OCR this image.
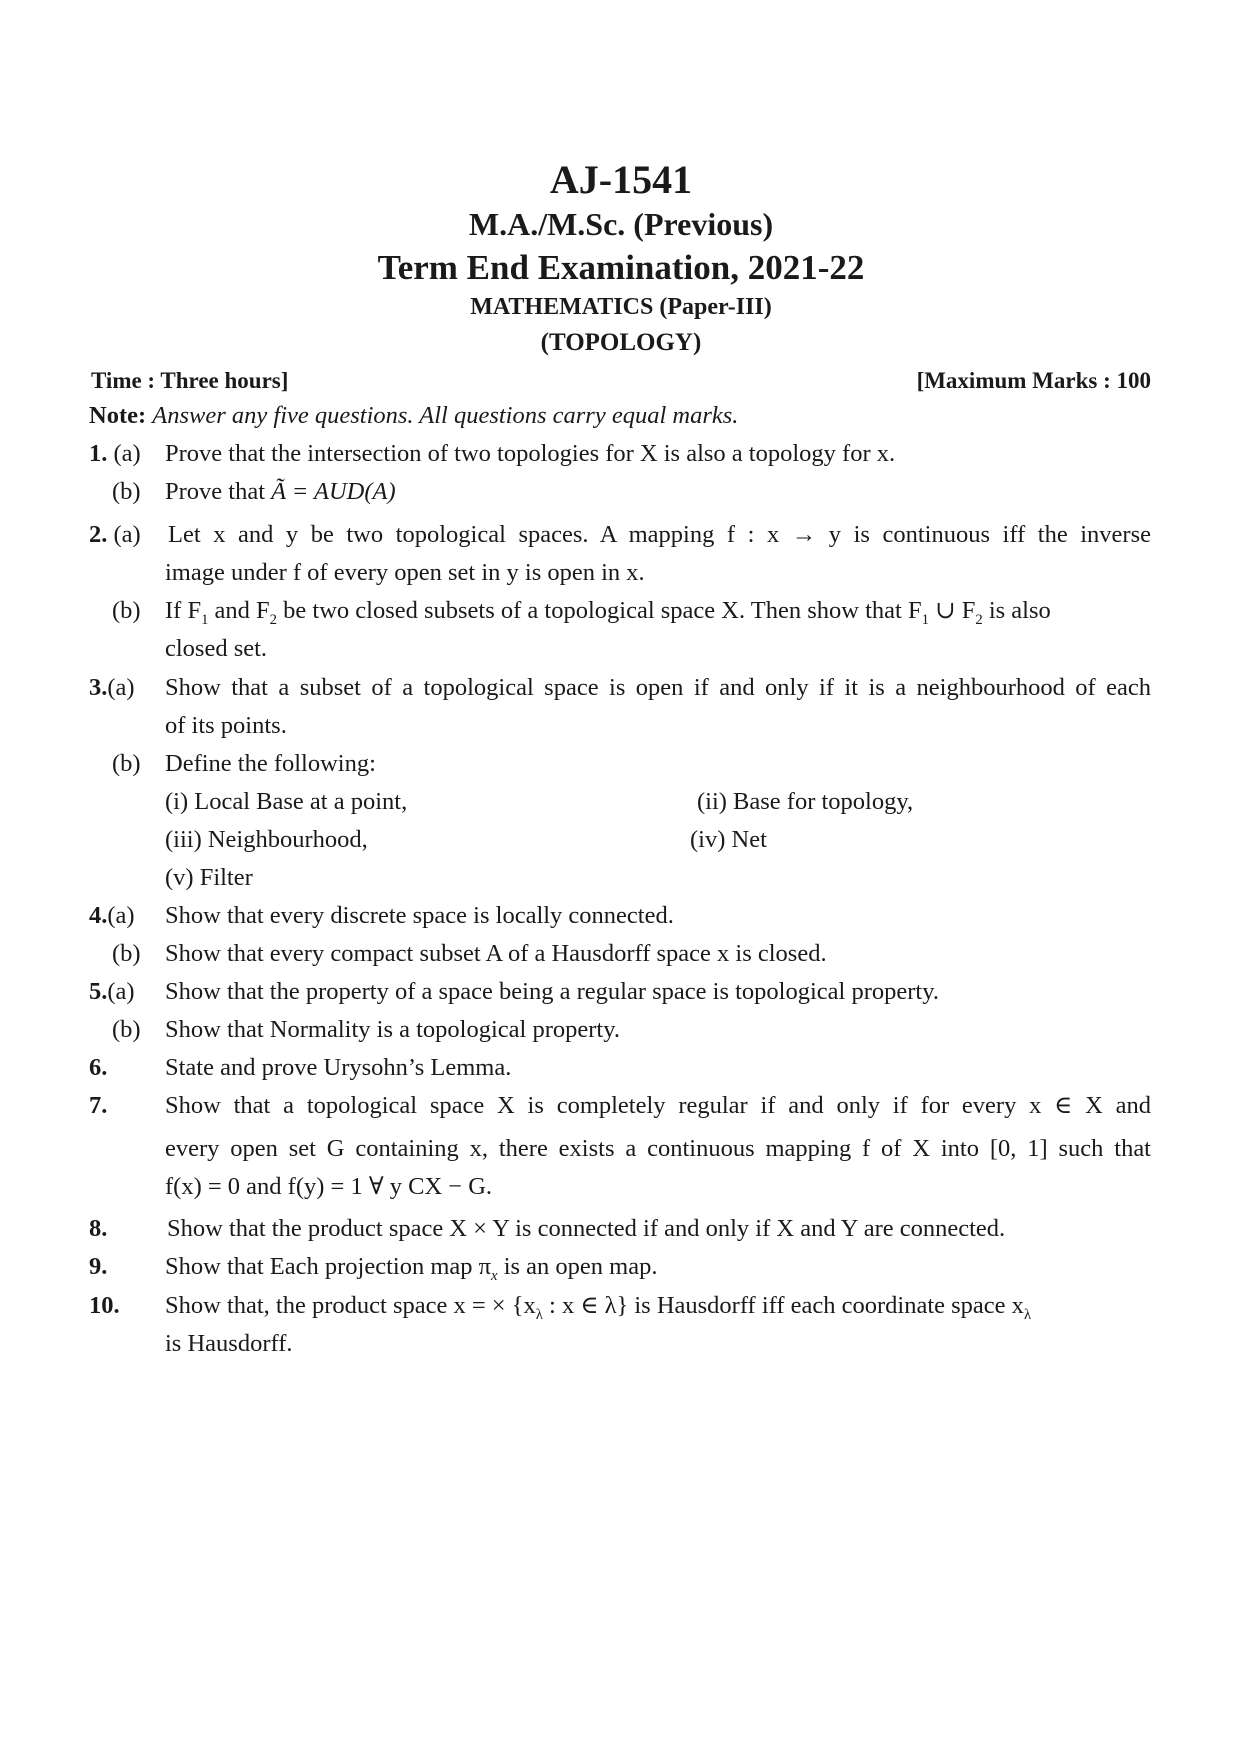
AJ-1541
M.A./M.Sc. (Previous)
Term End Examination, 2021-22
MATHEMATICS (Paper-III)
(TOPOLOGY)
Time : Three hours]	[Maximum Marks : 100
Note: Answer any five questions. All questions carry equal marks.
1. (a) Prove that the intersection of two topologies for X is also a topology for x.
(b) Prove that A͂ = AUD(A)
2. (a) Let x and y be two topological spaces. A mapping f : x → y is continuous iff the inverse
image under f of every open set in y is open in x.
(b) If $F_1$ and $F_2$ be two closed subsets of a topological space X. Then show that $F_1$ ∪ $F_2$ is also
closed set.
3.(a) Show that a subset of a topological space is open if and only if it is a neighbourhood of each
of its points.
(b) Define the following:
(i) Local Base at a point,	(ii) Base for topology,
(iii) Neighbourhood,	(iv) Net
(v) Filter
4.(a) Show that every discrete space is locally connected.
(b) Show that every compact subset A of a Hausdorff space x is closed.
5.(a) Show that the property of a space being a regular space is topological property.
(b) Show that Normality is a topological property.
6. State and prove Urysohn’s Lemma.
7. Show that a topological space X is completely regular if and only if for every x ∈ X and
every open set G containing x, there exists a continuous mapping f of X into [0, 1] such that
f(x) = 0 and f(y) = 1 ∀ y CX − G.
8. Show that the product space X × Y is connected if and only if X and Y are connected.
9. Show that Each projection map $\pi_x$ is an open map.
10. Show that, the product space x = × {$x_\lambda$ : x ∈ λ} is Hausdorff iff each coordinate space $x_\lambda$
is Hausdorff.
